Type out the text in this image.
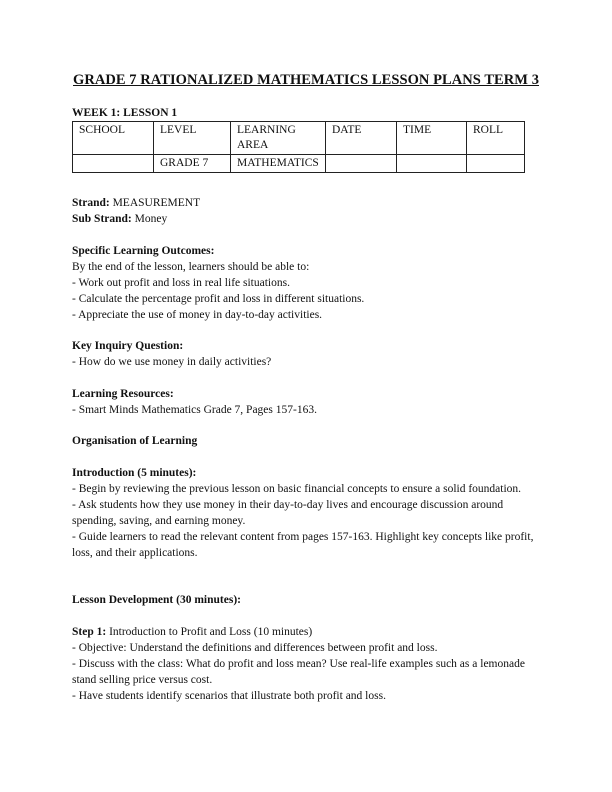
GRADE 7 RATIONALIZED MATHEMATICS LESSON PLANS TERM 3
WEEK 1: LESSON 1
SCHOOL	LEVEL	LEARNING AREA	DATE	TIME	ROLL
	GRADE 7	MATHEMATICS			

Strand: MEASUREMENT

Sub Strand: Money

Specific Learning Outcomes:

By the end of the lesson, learners should be able to:

- Work out profit and loss in real life situations.

- Calculate the percentage profit and loss in different situations.

- Appreciate the use of money in day-to-day activities.

Key Inquiry Question:

- How do we use money in daily activities?

Learning Resources:

- Smart Minds Mathematics Grade 7, Pages 157-163.

Organisation of Learning

Introduction (5 minutes):

- Begin by reviewing the previous lesson on basic financial concepts to ensure a solid foundation.

- Ask students how they use money in their day-to-day lives and encourage discussion around spending, saving, and earning money.

- Guide learners to read the relevant content from pages 157-163. Highlight key concepts like profit, loss, and their applications.

Lesson Development (30 minutes):

Step 1: Introduction to Profit and Loss (10 minutes)

- Objective: Understand the definitions and differences between profit and loss.

- Discuss with the class: What do profit and loss mean? Use real-life examples such as a lemonade stand selling price versus cost.

- Have students identify scenarios that illustrate both profit and loss.
